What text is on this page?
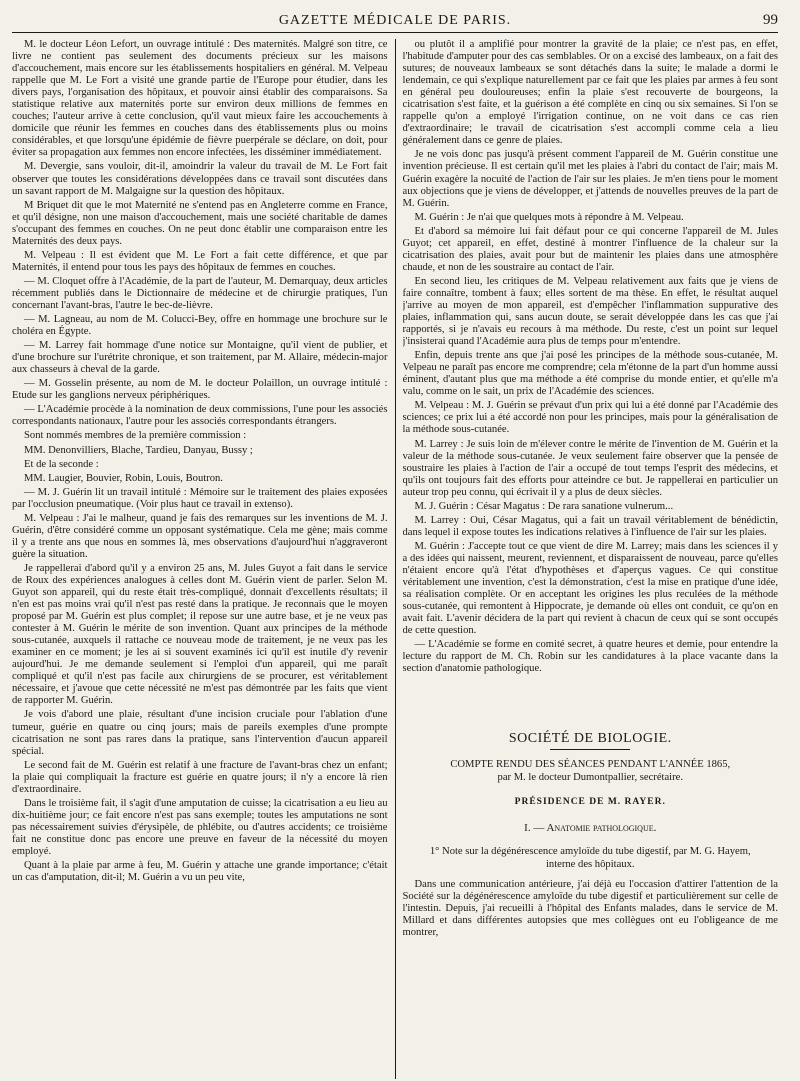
GAZETTE MÉDICALE DE PARIS.	99

M. le docteur Léon Lefort, un ouvrage intitulé : Des maternités. Malgré son titre, ce livre ne contient pas seulement des documents précieux sur les maisons d'accouchement, mais encore sur les établissements hospitaliers en général. M. Velpeau rappelle que M. Le Fort a visité une grande partie de l'Europe pour étudier, dans les divers pays, l'organisation des hôpitaux, et pouvoir ainsi établir des comparaisons. Sa statistique relative aux maternités porte sur environ deux millions de femmes en couches; l'auteur arrive à cette conclusion, qu'il vaut mieux faire les accouchements à domicile que réunir les femmes en couches dans des établissements plus ou moins considérables, et que lorsqu'une épidémie de fièvre puerpérale se déclare, on doit, pour éviter sa propagation aux femmes non encore infectées, les disséminer immédiatement.

M. Devergie, sans vouloir, dit-il, amoindrir la valeur du travail de M. Le Fort fait observer que toutes les considérations développées dans ce travail sont discutées dans un savant rapport de M. Malgaigne sur la question des hôpitaux.

M Briquet dit que le mot Maternité ne s'entend pas en Angleterre comme en France, et qu'il désigne, non une maison d'accouchement, mais une société charitable de dames s'occupant des femmes en couches. On ne peut donc établir une comparaison entre les Maternités des deux pays.

M. Velpeau : Il est évident que M. Le Fort a fait cette différence, et que par Maternités, il entend pour tous les pays des hôpitaux de femmes en couches.

— M. Cloquet offre à l'Académie, de la part de l'auteur, M. Demarquay, deux articles récemment publiés dans le Dictionnaire de médecine et de chirurgie pratiques, l'un concernant l'avant-bras, l'autre le bec-de-lièvre.

— M. Lagneau, au nom de M. Colucci-Bey, offre en hommage une brochure sur le choléra en Égypte.

— M. Larrey fait hommage d'une notice sur Montaigne, qu'il vient de publier, et d'une brochure sur l'urétrite chronique, et son traitement, par M. Allaire, médecin-major aux chasseurs à cheval de la garde.

— M. Gosselin présente, au nom de M. le docteur Polaillon, un ouvrage intitulé : Etude sur les ganglions nerveux périphériques.

— L'Académie procède à la nomination de deux commissions, l'une pour les associés correspondants nationaux, l'autre pour les associés correspondants étrangers.

Sont nommés membres de la première commission :

MM. Denonvilliers, Blache, Tardieu, Danyau, Bussy ;

Et de la seconde :

MM. Laugier, Bouvier, Robin, Louis, Boutron.

— M. J. Guérin lit un travail intitulé : Mémoire sur le traitement des plaies exposées par l'occlusion pneumatique. (Voir plus haut ce travail in extenso).

M. Velpeau : J'ai le malheur, quand je fais des remarques sur les inventions de M. J. Guérin, d'être considéré comme un opposant systématique. Cela me gène; mais comme il y a trente ans que nous en sommes là, mes observations d'aujourd'hui n'aggraveront guère la situation.

Je rappellerai d'abord qu'il y a environ 25 ans, M. Jules Guyot a fait dans le service de Roux des expériences analogues à celles dont M. Guérin vient de parler. Selon M. Guyot son appareil, qui du reste était très-compliqué, donnait d'excellents résultats; il n'en est pas moins vrai qu'il n'est pas resté dans la pratique. Je reconnais que le moyen proposé par M. Guérin est plus complet; il repose sur une autre base, et je ne veux pas contester à M. Guérin le mérite de son invention. Quant aux principes de la méthode sous-cutanée, auxquels il rattache ce nouveau mode de traitement, je ne veux pas les examiner en ce moment; je les ai si souvent examinés ici qu'il est inutile d'y revenir aujourd'hui. Je me demande seulement si l'emploi d'un appareil, qui me paraît compliqué et qu'il n'est pas facile aux chirurgiens de se procurer, est véritablement nécessaire, et j'avoue que cette nécessité ne m'est pas démontrée par les faits que vient de rapporter M. Guérin.

Je vois d'abord une plaie, résultant d'une incision cruciale pour l'ablation d'une tumeur, guérie en quatre ou cinq jours; mais de pareils exemples d'une prompte cicatrisation ne sont pas rares dans la pratique, sans l'intervention d'aucun appareil spécial.

Le second fait de M. Guérin est relatif à une fracture de l'avant-bras chez un enfant; la plaie qui compliquait la fracture est guérie en quatre jours; il n'y a encore là rien d'extraordinaire.

Dans le troisième fait, il s'agit d'une amputation de cuisse; la cicatrisation a eu lieu au dix-huitième jour; ce fait encore n'est pas sans exemple; toutes les amputations ne sont pas nécessairement suivies d'érysipèle, de phlébite, ou d'autres accidents; ce troisième fait ne constitue donc pas encore une preuve en faveur de la nécessité du moyen employé.

Quant à la plaie par arme à feu, M. Guérin y attache une grande importance; c'était un cas d'amputation, dit-il; M. Guérin a vu un peu vite,

ou plutôt il a amplifié pour montrer la gravité de la plaie; ce n'est pas, en effet, l'habitude d'amputer pour des cas semblables. Or on a excisé des lambeaux, on a fait des sutures; de nouveaux lambeaux se sont détachés dans la suite; le malade a dormi le lendemain, ce qui s'explique naturellement par ce fait que les plaies par armes à feu sont en général peu douloureuses; enfin la plaie s'est recouverte de bourgeons, la cicatrisation s'est faite, et la guérison a été complète en cinq ou six semaines. Si l'on se rappelle qu'on a employé l'irrigation continue, on ne voit dans ce cas rien d'extraordinaire; le travail de cicatrisation s'est accompli comme cela a lieu généralement dans ce genre de plaies.

Je ne vois donc pas jusqu'à présent comment l'appareil de M. Guérin constitue une invention précieuse. Il est certain qu'il met les plaies à l'abri du contact de l'air; mais M. Guérin exagère la nocuité de l'action de l'air sur les plaies. Je m'en tiens pour le moment aux objections que je viens de développer, et j'attends de nouvelles preuves de la part de M. Guérin.

M. Guérin : Je n'ai que quelques mots à répondre à M. Velpeau.

Et d'abord sa mémoire lui fait défaut pour ce qui concerne l'appareil de M. Jules Guyot; cet appareil, en effet, destiné à montrer l'influence de la chaleur sur la cicatrisation des plaies, avait pour but de maintenir les plaies dans une atmosphère chaude, et non de les soustraire au contact de l'air.

En second lieu, les critiques de M. Velpeau relativement aux faits que je viens de faire connaître, tombent à faux; elles sortent de ma thèse. En effet, le résultat auquel j'arrive au moyen de mon appareil, est d'empêcher l'inflammation suppurative des plaies, inflammation qui, sans aucun doute, se serait développée dans les cas que j'ai rapportés, si je n'avais eu recours à ma méthode. Du reste, c'est un point sur lequel j'insisterai quand l'Académie aura plus de temps pour m'entendre.

Enfin, depuis trente ans que j'ai posé les principes de la méthode sous-cutanée, M. Velpeau ne paraît pas encore me comprendre; cela m'étonne de la part d'un homme aussi éminent, d'autant plus que ma méthode a été comprise du monde entier, et qu'elle m'a valu, comme on le sait, un prix de l'Académie des sciences.

M. Velpeau : M. J. Guérin se prévaut d'un prix qui lui a été donné par l'Académie des sciences; ce prix lui a été accordé non pour les principes, mais pour la généralisation de la méthode sous-cutanée.

M. Larrey : Je suis loin de m'élever contre le mérite de l'invention de M. Guérin et la valeur de la méthode sous-cutanée. Je veux seulement faire observer que la pensée de soustraire les plaies à l'action de l'air a occupé de tout temps l'esprit des médecins, et qu'ils ont toujours fait des efforts pour atteindre ce but. Je rappellerai en particulier un auteur trop peu connu, qui écrivait il y a plus de deux siècles.

M. J. Guérin : César Magatus : De rara sanatione vulnerum...

M. Larrey : Oui, César Magatus, qui a fait un travail véritablement de bénédictin, dans lequel il expose toutes les indications relatives à l'influence de l'air sur les plaies.

M. Guérin : J'accepte tout ce que vient de dire M. Larrey; mais dans les sciences il y a des idées qui naissent, meurent, reviennent, et disparaissent de nouveau, parce qu'elles n'étaient encore qu'à l'état d'hypothèses et d'aperçus vagues. Ce qui constitue véritablement une invention, c'est la démonstration, c'est la mise en pratique d'une idée, sa réalisation complète. Or en acceptant les origines les plus reculées de la méthode sous-cutanée, qui remontent à Hippocrate, je demande où elles ont conduit, ce qu'on en avait fait. L'avenir décidera de la part qui revient à chacun de ceux qui se sont occupés de cette question.

— L'Académie se forme en comité secret, à quatre heures et demie, pour entendre la lecture du rapport de M. Ch. Robin sur les candidatures à la place vacante dans la section d'anatomie pathologique.

SOCIÉTÉ DE BIOLOGIE.
COMPTE RENDU DES SÉANCES PENDANT L'ANNÉE 1865,
par M. le docteur Dumontpallier, secrétaire.
PRÉSIDENCE DE M. RAYER.
I. — Anatomie pathologique.
1° Note sur la dégénérescence amyloïde du tube digestif, par M. G. Hayem,
interne des hôpitaux.

Dans une communication antérieure, j'ai déjà eu l'occasion d'attirer l'attention de la Société sur la dégénérescence amyloïde du tube digestif et particulièrement sur celle de l'intestin. Depuis, j'ai recueilli à l'hôpital des Enfants malades, dans le service de M. Millard et dans différentes autopsies que mes collègues ont eu l'obligeance de me montrer,
